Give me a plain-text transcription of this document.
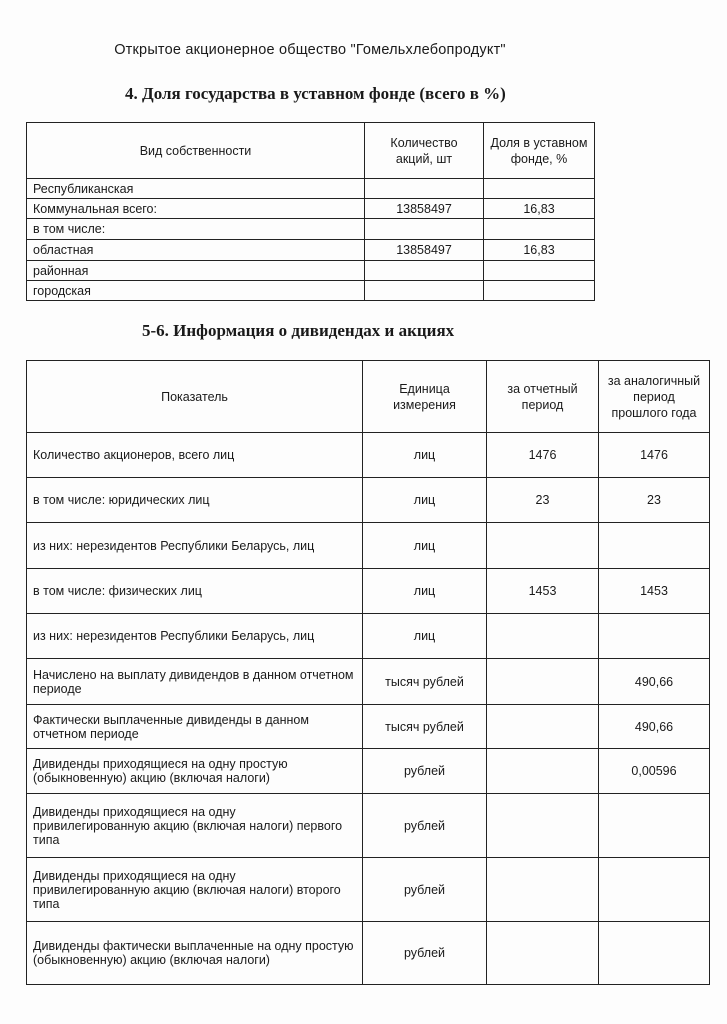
Открытое акционерное общество "Гомельхлебопродукт"
4. Доля государства в уставном фонде (всего в %)
Вид собственности	Количество акций, шт	Доля в уставном фонде, %
Республиканская		
Коммунальная всего:	13858497	16,83
в том числе:		
областная	13858497	16,83
районная		
городская		
5-6. Информация о дивидендах и акциях
Показатель	Единица измерения	за отчетный период	за аналогичный период прошлого года
Количество акционеров, всего лиц	лиц	1476	1476
в том числе: юридических лиц	лиц	23	23
из них: нерезидентов Республики Беларусь, лиц	лиц		
в том числе: физических лиц	лиц	1453	1453
из них: нерезидентов Республики Беларусь, лиц	лиц		
Начислено на выплату дивидендов в данном отчетном периоде	тысяч рублей		490,66
Фактически выплаченные дивиденды в данном отчетном периоде	тысяч рублей		490,66
Дивиденды приходящиеся на одну простую (обыкновенную) акцию (включая налоги)	рублей		0,00596
Дивиденды приходящиеся на одну привилегированную акцию (включая налоги) первого типа	рублей		
Дивиденды приходящиеся на одну привилегированную акцию (включая налоги) второго типа	рублей		
Дивиденды фактически выплаченные на одну простую (обыкновенную) акцию (включая налоги)	рублей		
